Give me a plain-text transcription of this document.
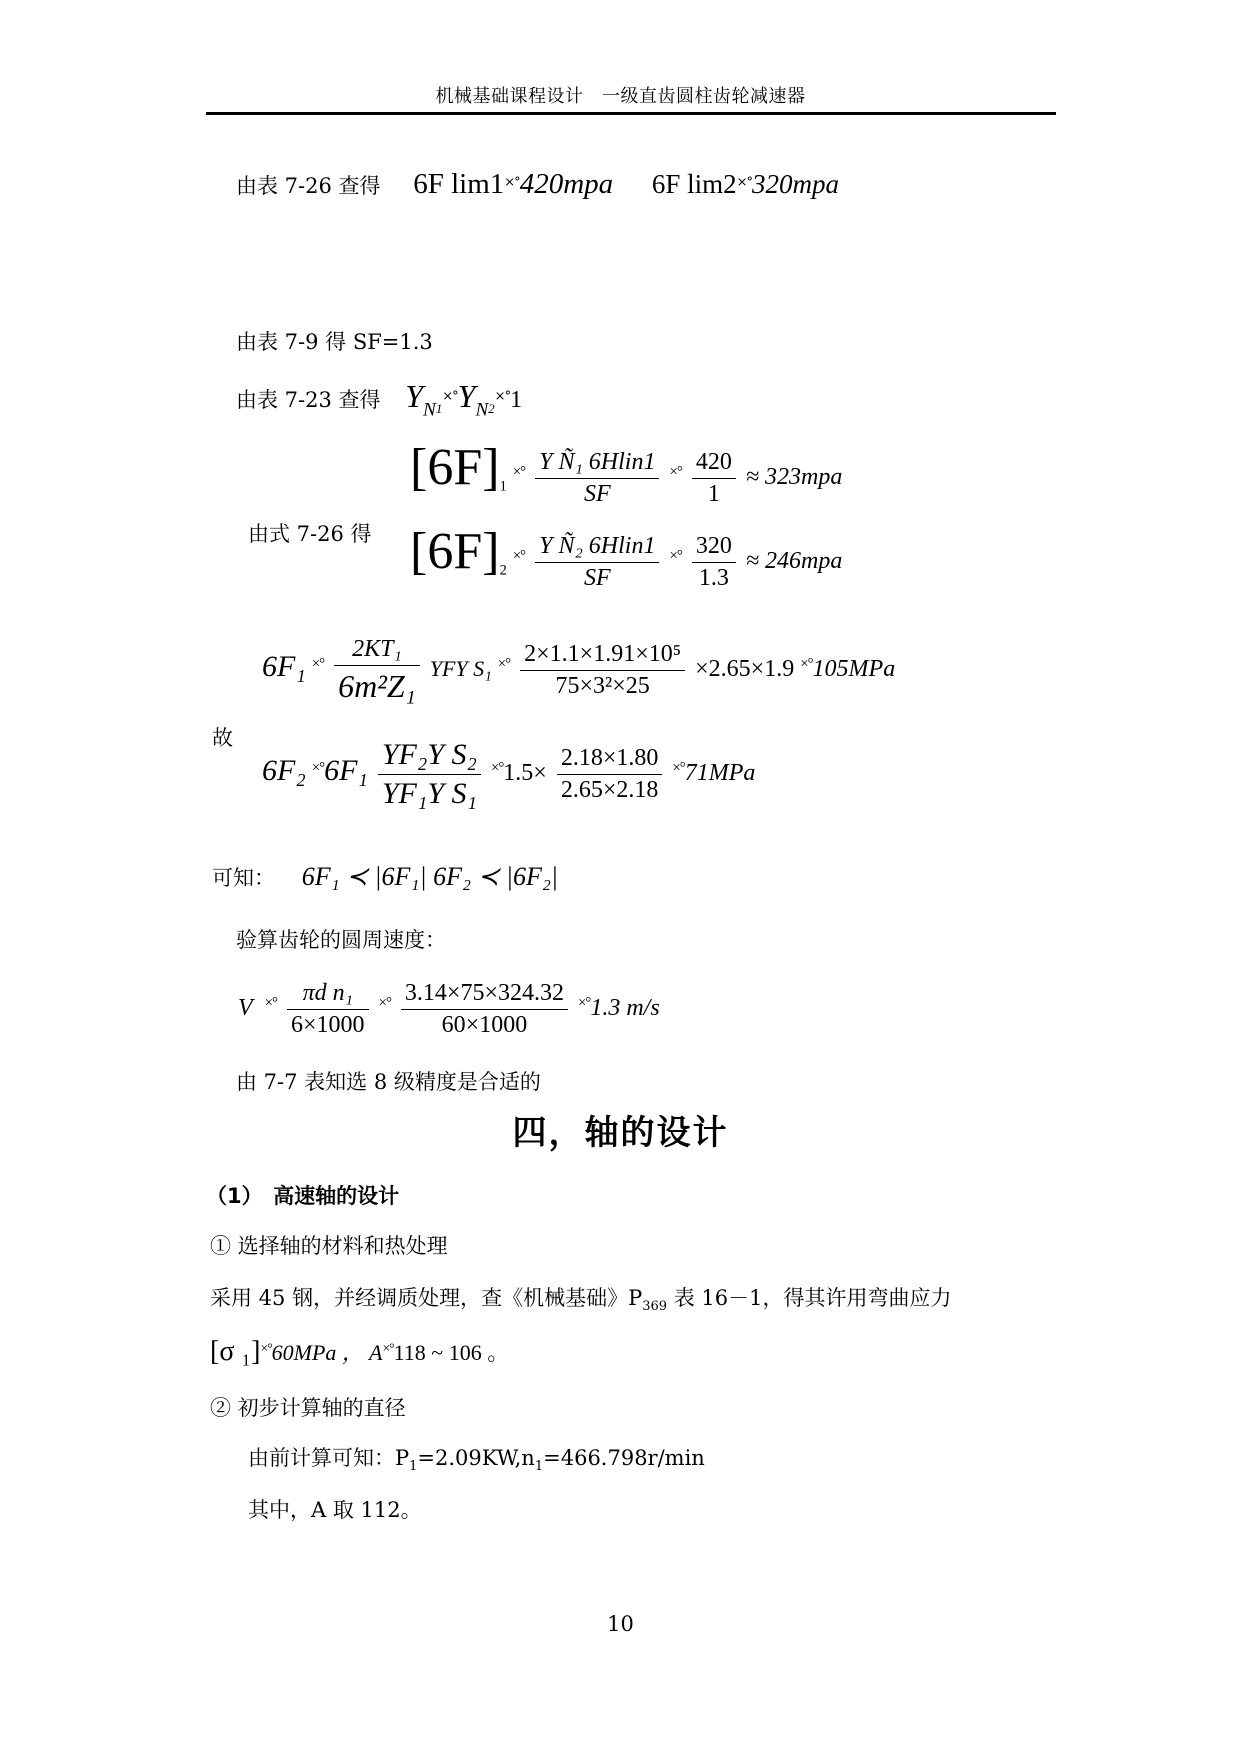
机械基础课程设计　一级直齿圆柱齿轮减速器
由表 7-26 查得 6F lim1×°420mpa 6F lim2×°320mpa
由表 7-9 得 SF=1.3
由表 7-23 查得 $Y_{N1}^{\times^\circ}Y_{N2}^{\times^\circ}1$
$[6F]_1$ $^{\times^\circ} \frac{\text{Y Ñ₁ 6Hlin1}}{SF} ^{\times^\circ} \frac{420}{1} \approx 323mpa$
由式 7-26 得 $[6F]_2$ $^{\times^\circ} \frac{\text{Y Ñ₂ 6Hlin1}}{SF} ^{\times^\circ} \frac{320}{1.3} \approx 246mpa$
6F₁ $^{\times^\circ} \frac{\text{2KT₁}}{\text{6m²Z₁}}$ YFY S₁ $^{\times^\circ} \frac{\text{2×1.1×1.91×10⁵}}{\text{75×3²×25}} \times 2.65\times 1.9$ ×°105MPa
故
6F₂ $^{\times^\circ}6F_1 \frac{\text{YF₂Y S₂}}{\text{YF₁Y S₁}} ^{\times^\circ}1.5\times \frac{2.18\times 1.80}{2.65\times 2.18} ^{\times^\circ}71MPa$
可知： 6F₁ ≺ |6F₁| 6F₂ ≺ |6F₂|
验算齿轮的圆周速度：
V $^{\times^\circ} \frac{\text{πd n₁}}{6\times 1000} ^{\times^\circ} \frac{3.14\times 75\times 324.32}{60\times 1000} ^{\times^\circ}1.3$ m/s
由 7-7 表知选 8 级精度是合适的
四，轴的设计
（1）　高速轴的设计
① 选择轴的材料和热处理
采用 45 钢，并经调质处理，查《机械基础》$P_{369}$ 表 16－1，得其许用弯曲应力
[σ ₁]×°60MPa ， A×°118 ~ 106 。
② 初步计算轴的直径
由前计算可知：$P_1=2.09KW,n_1=466.798r/\min$
其中，A 取 112。
10
